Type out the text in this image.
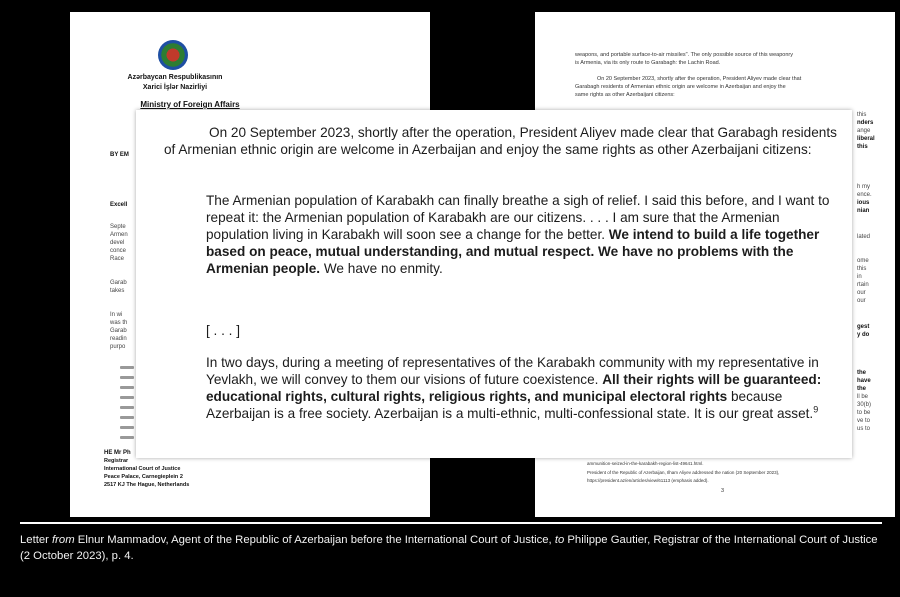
Azərbaycan Respublikasının
Xarici İşlər Nazirliyi
Ministry of Foreign Affairs
BY EM
Excell
Septe
Armen
devel
conce
Race
Garab
takes
In wi
was th
Garab
readin
purpo
HE Mr Ph
Registrar
International Court of Justice
Peace Palace, Carnegieplein 2
2517 KJ The Hague, Netherlands
weapons, and portable surface-to-air missiles". The only possible source of this weaponry
is Armenia, via its only route to Garabagh: the Lachin Road.
On 20 September 2023, shortly after the operation, President Aliyev made clear that
Garabagh residents of Armenian ethnic origin are welcome in Azerbaijan and enjoy the
same rights as other Azerbaijani citizens:
this
nders
ange
liberal
this
h my
ence.
ious
nian
lated
ome
this
in
rtain
our
our
gest
y do
the
have
the
ll be
30(b)
to be
ve to
us to
ammunition-seized-in-the-karabakh-region-list-49641.html.
President of the Republic of Azerbaijan, Ilham Aliyev addressed the nation (20 September 2023),
https://president.az/en/articles/view/61113 (emphasis added).
3

On 20 September 2023, shortly after the operation, President Aliyev made clear that Garabagh residents of Armenian ethnic origin are welcome in Azerbaijan and enjoy the same rights as other Azerbaijani citizens:

The Armenian population of Karabakh can finally breathe a sigh of relief. I said this before, and I want to repeat it: the Armenian population of Karabakh are our citizens. . . . I am sure that the Armenian population living in Karabakh will soon see a change for the better. We intend to build a life together based on peace, mutual understanding, and mutual respect. We have no problems with the Armenian people. We have no enmity.

[ . . . ]

In two days, during a meeting of representatives of the Karabakh community with my representative in Yevlakh, we will convey to them our visions of future coexistence. All their rights will be guaranteed: educational rights, cultural rights, religious rights, and municipal electoral rights because Azerbaijan is a free society. Azerbaijan is a multi-ethnic, multi-confessional state. It is our great asset.$^9$

Letter from Elnur Mammadov, Agent of the Republic of Azerbaijan before the International Court of Justice, to Philippe Gautier, Registrar of the International Court of Justice (2 October 2023), p. 4.
